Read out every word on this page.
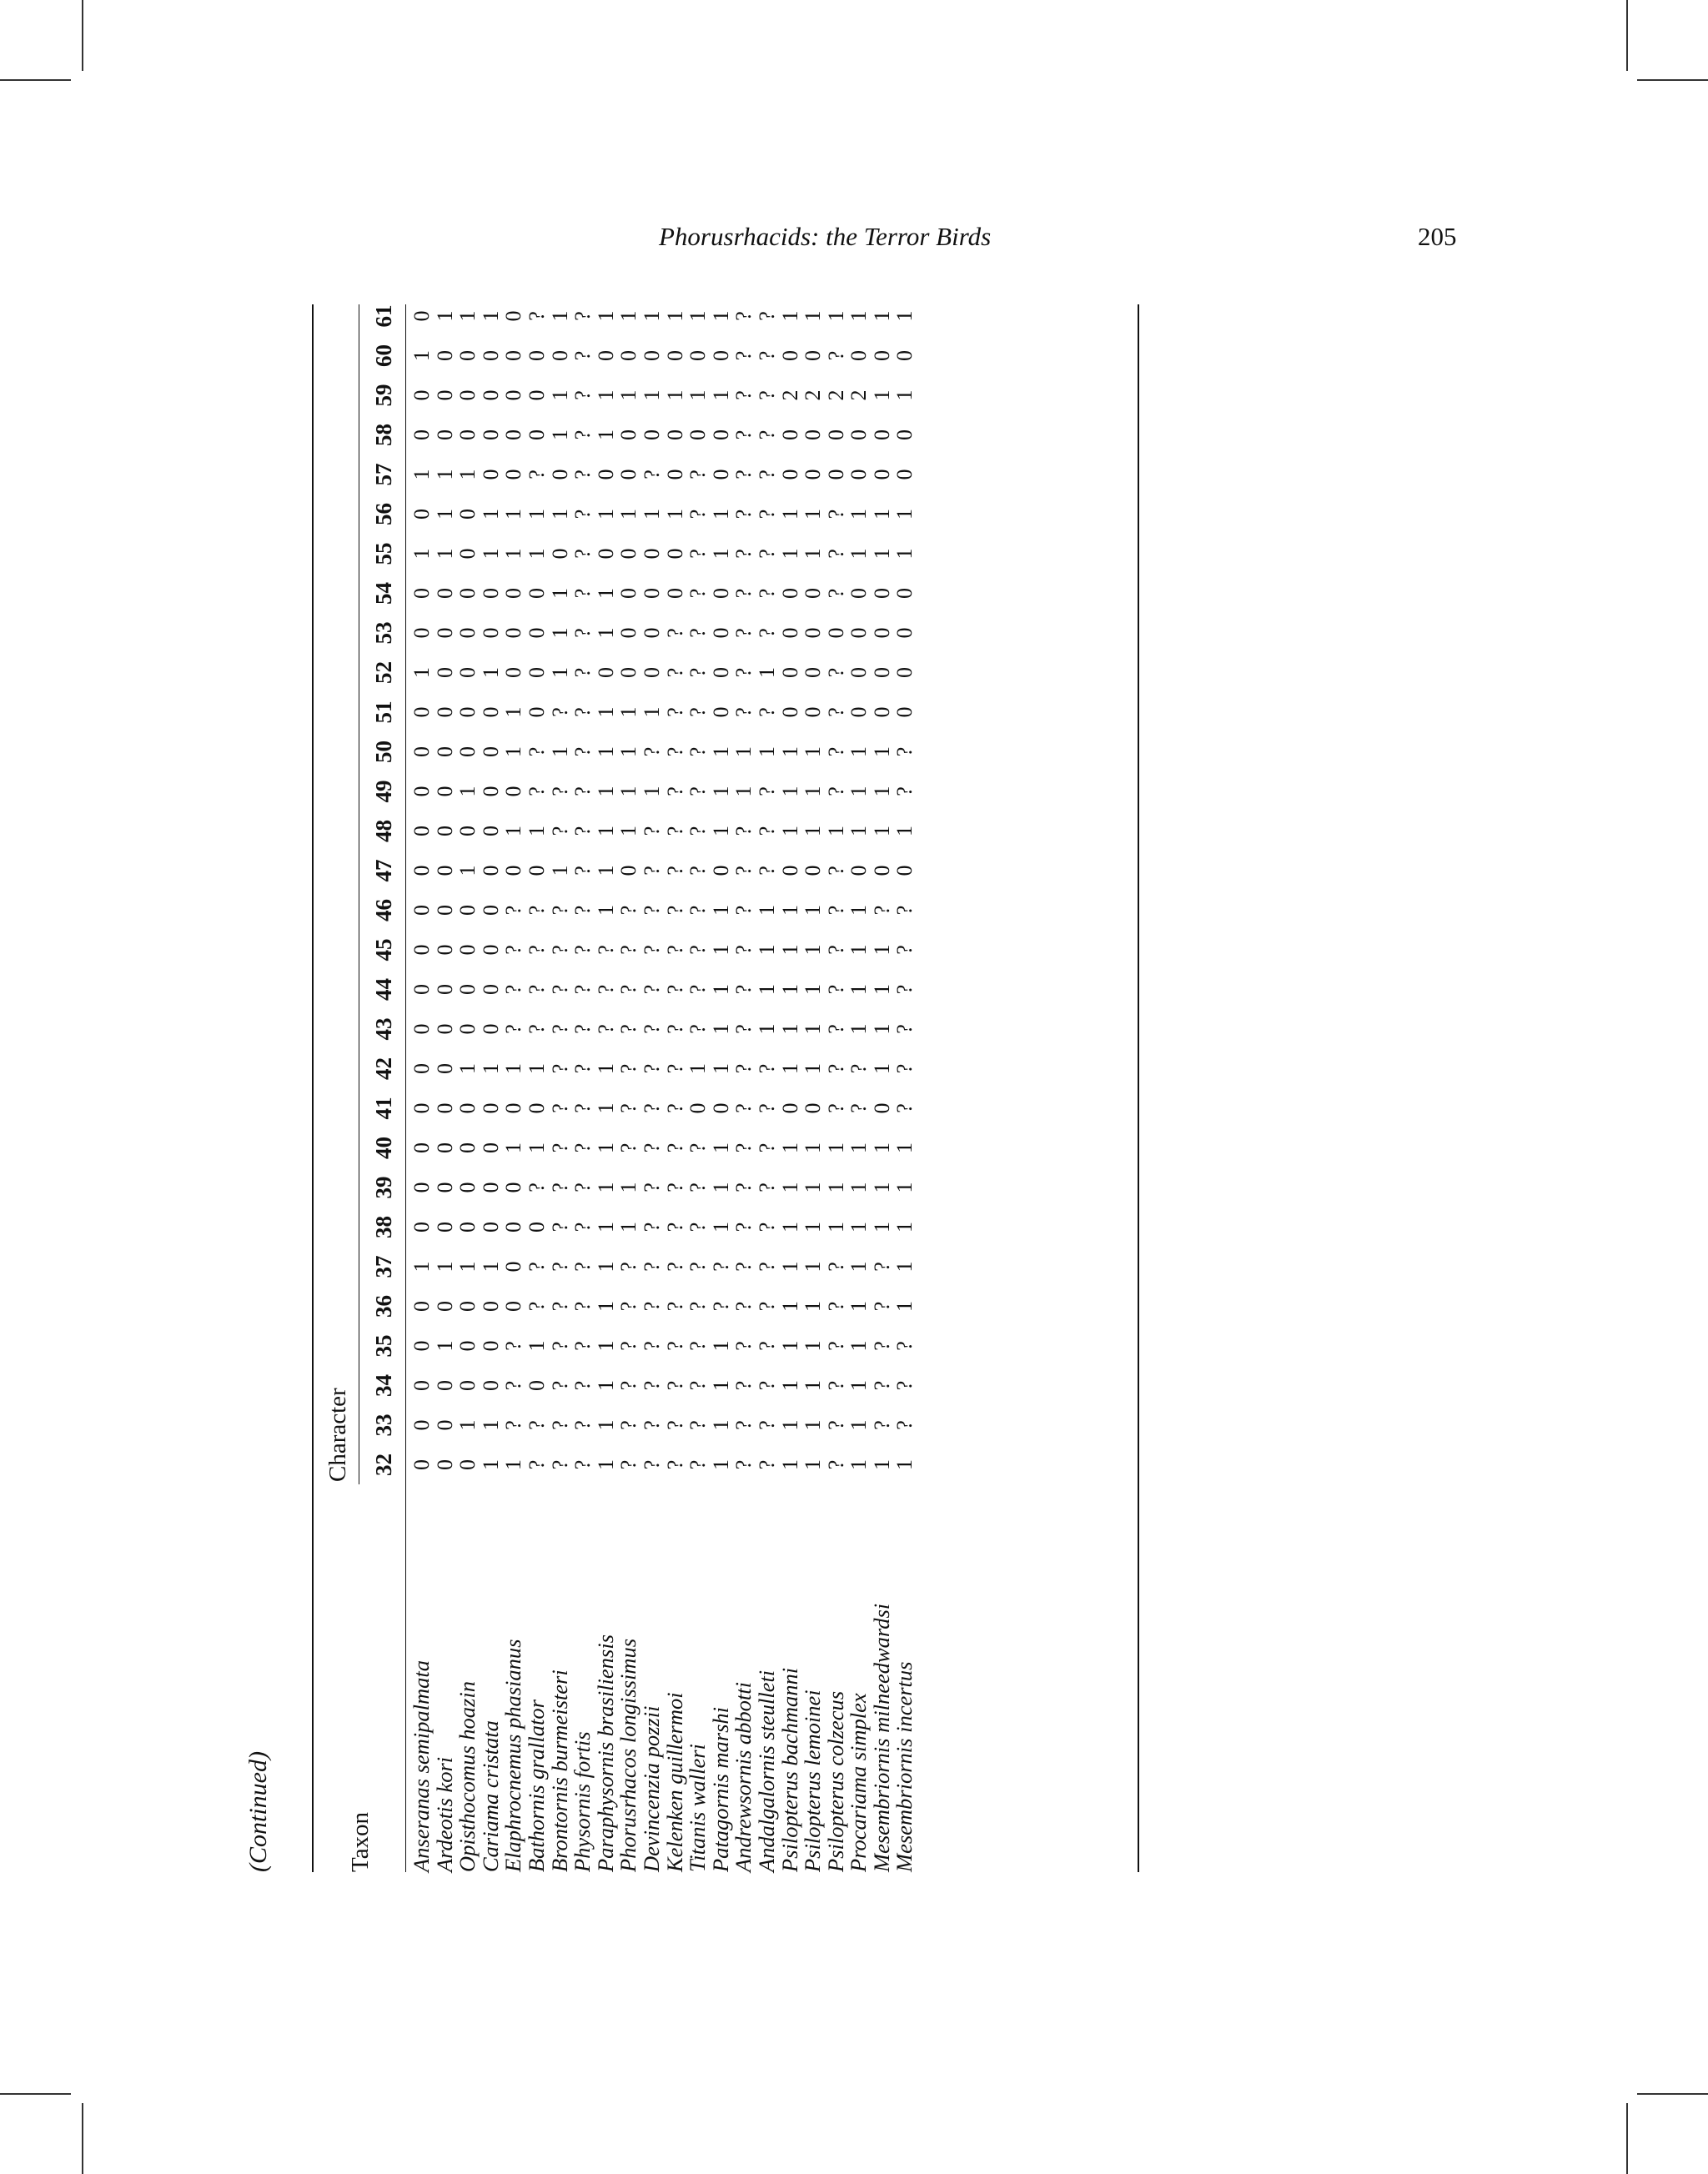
Phorusrhacids: the Terror Birds	205
(Continued)	Taxon
Character 32
33
34
35
36
37
38
39
40
41
42
43
44
45
46
47
48
49
50
51
52
53
54
55
56
57
58
59
60
61
Anseranas semipalmata
0
0
0
0
0
1
0
0
0
0
0
0
0
0
0
0
0
0
0
0
1
0
0
1
0
1
0
0
1
0
Ardeotis kori
0
0
0
1
0
1
0
0
0
0
0
0
0
0
0
0
0
0
0
0
0
0
0
1
1
1
0
0
0
1
Opisthocomus hoazin
0
1
0
0
0
1
0
0
0
0
1
0
0
0
0
1
0
1
0
0
0
0
0
0
0
1
0
0
0
1
Cariama cristata
1
1
0
0
0
1
0
0
0
0
1
0
0
0
0
0
0
0
0
0
1
0
0
1
1
0
0
0
0
1
Elaphrocnemus phasianus
1
?
?
?
0
0
0
0
1
0
1
?
?
?
?
0
1
0
1
1
0
0
0
1
1
0
0
0
0
0
Bathornis grallator
?
?
0
1
?
?
0
?
1
0
1
?
?
?
?
0
1
?
?
0
0
0
0
1
1
?
0
0
0
?
Brontornis burmeisteri
?
?
?
?
?
?
?
?
?
?
?
?
?
?
?
1
?
?
1
?
1
1
1
0
1
0
1
1
0
1
Physornis fortis
?
?
?
?
?
?
?
?
?
?
?
?
?
?
?
?
?
?
?
?
?
?
?
?
?
?
?
?
?
?
Paraphysornis brasiliensis
1
1
1
1
1
1
1
1
1
1
1
?
?
?
1
1
1
1
1
1
0
1
1
0
1
0
1
1
0
1
Phorusrhacos longissimus
?
?
?
?
?
?
1
1
?
?
?
?
?
?
?
0
1
1
1
1
0
0
0
0
1
0
0
1
0
1
Devincenzia pozzii
?
?
?
?
?
?
?
?
?
?
?
?
?
?
?
?
?
1
?
1
0
0
0
0
1
?
0
1
0
1
Kelenken guillermoi
?
?
?
?
?
?
?
?
?
?
?
?
?
?
?
?
?
?
?
?
?
?
0
0
1
0
0
1
0
1
Titanis walleri
?
?
?
?
?
?
?
?
?
0
1
?
?
?
?
?
?
?
?
?
?
?
?
?
?
?
0
1
0
1
Patagornis marshi
1
1
1
1
?
?
1
1
1
0
1
1
1
1
1
0
1
1
1
0
0
0
0
1
1
0
0
1
0
1
Andrewsornis abbotti
?
?
?
?
?
?
?
?
?
?
?
?
?
?
?
?
?
1
1
?
?
?
?
?
?
?
?
?
?
?
Andalgalornis steulleti
?
?
?
?
?
?
?
?
?
?
?
1
1
1
1
?
?
?
1
?
1
?
?
?
?
?
?
?
?
?
Psilopterus bachmanni
1
1
1
1
1
1
1
1
1
0
1
1
1
1
1
0
1
1
1
0
0
0
0
1
1
0
0
2
0
1
Psilopterus lemoinei
1
1
1
1
1
1
1
1
1
0
1
1
1
1
1
0
1
1
1
0
0
0
0
1
1
0
0
2
0
1
Psilopterus colzecus
?
?
?
?
?
?
1
1
1
?
?
?
?
?
?
?
1
?
?
?
?
0
?
?
?
0
0
2
?
1
Procariama simplex
1
1
1
1
1
1
1
1
1
?
?
1
1
1
1
0
1
1
1
0
0
0
0
1
1
0
0
2
0
1
Mesembriornis milneedwardsi
1
?
?
?
?
?
1
1
1
0
1
1
1
1
?
0
1
1
1
0
0
0
0
1
1
0
0
1
0
1
Mesembriornis incertus
1
?
?
?
1
1
1
1
1
?
?
?
?
?
?
0
1
?
?
0
0
0
0
1
1
0
0
1
0
1
